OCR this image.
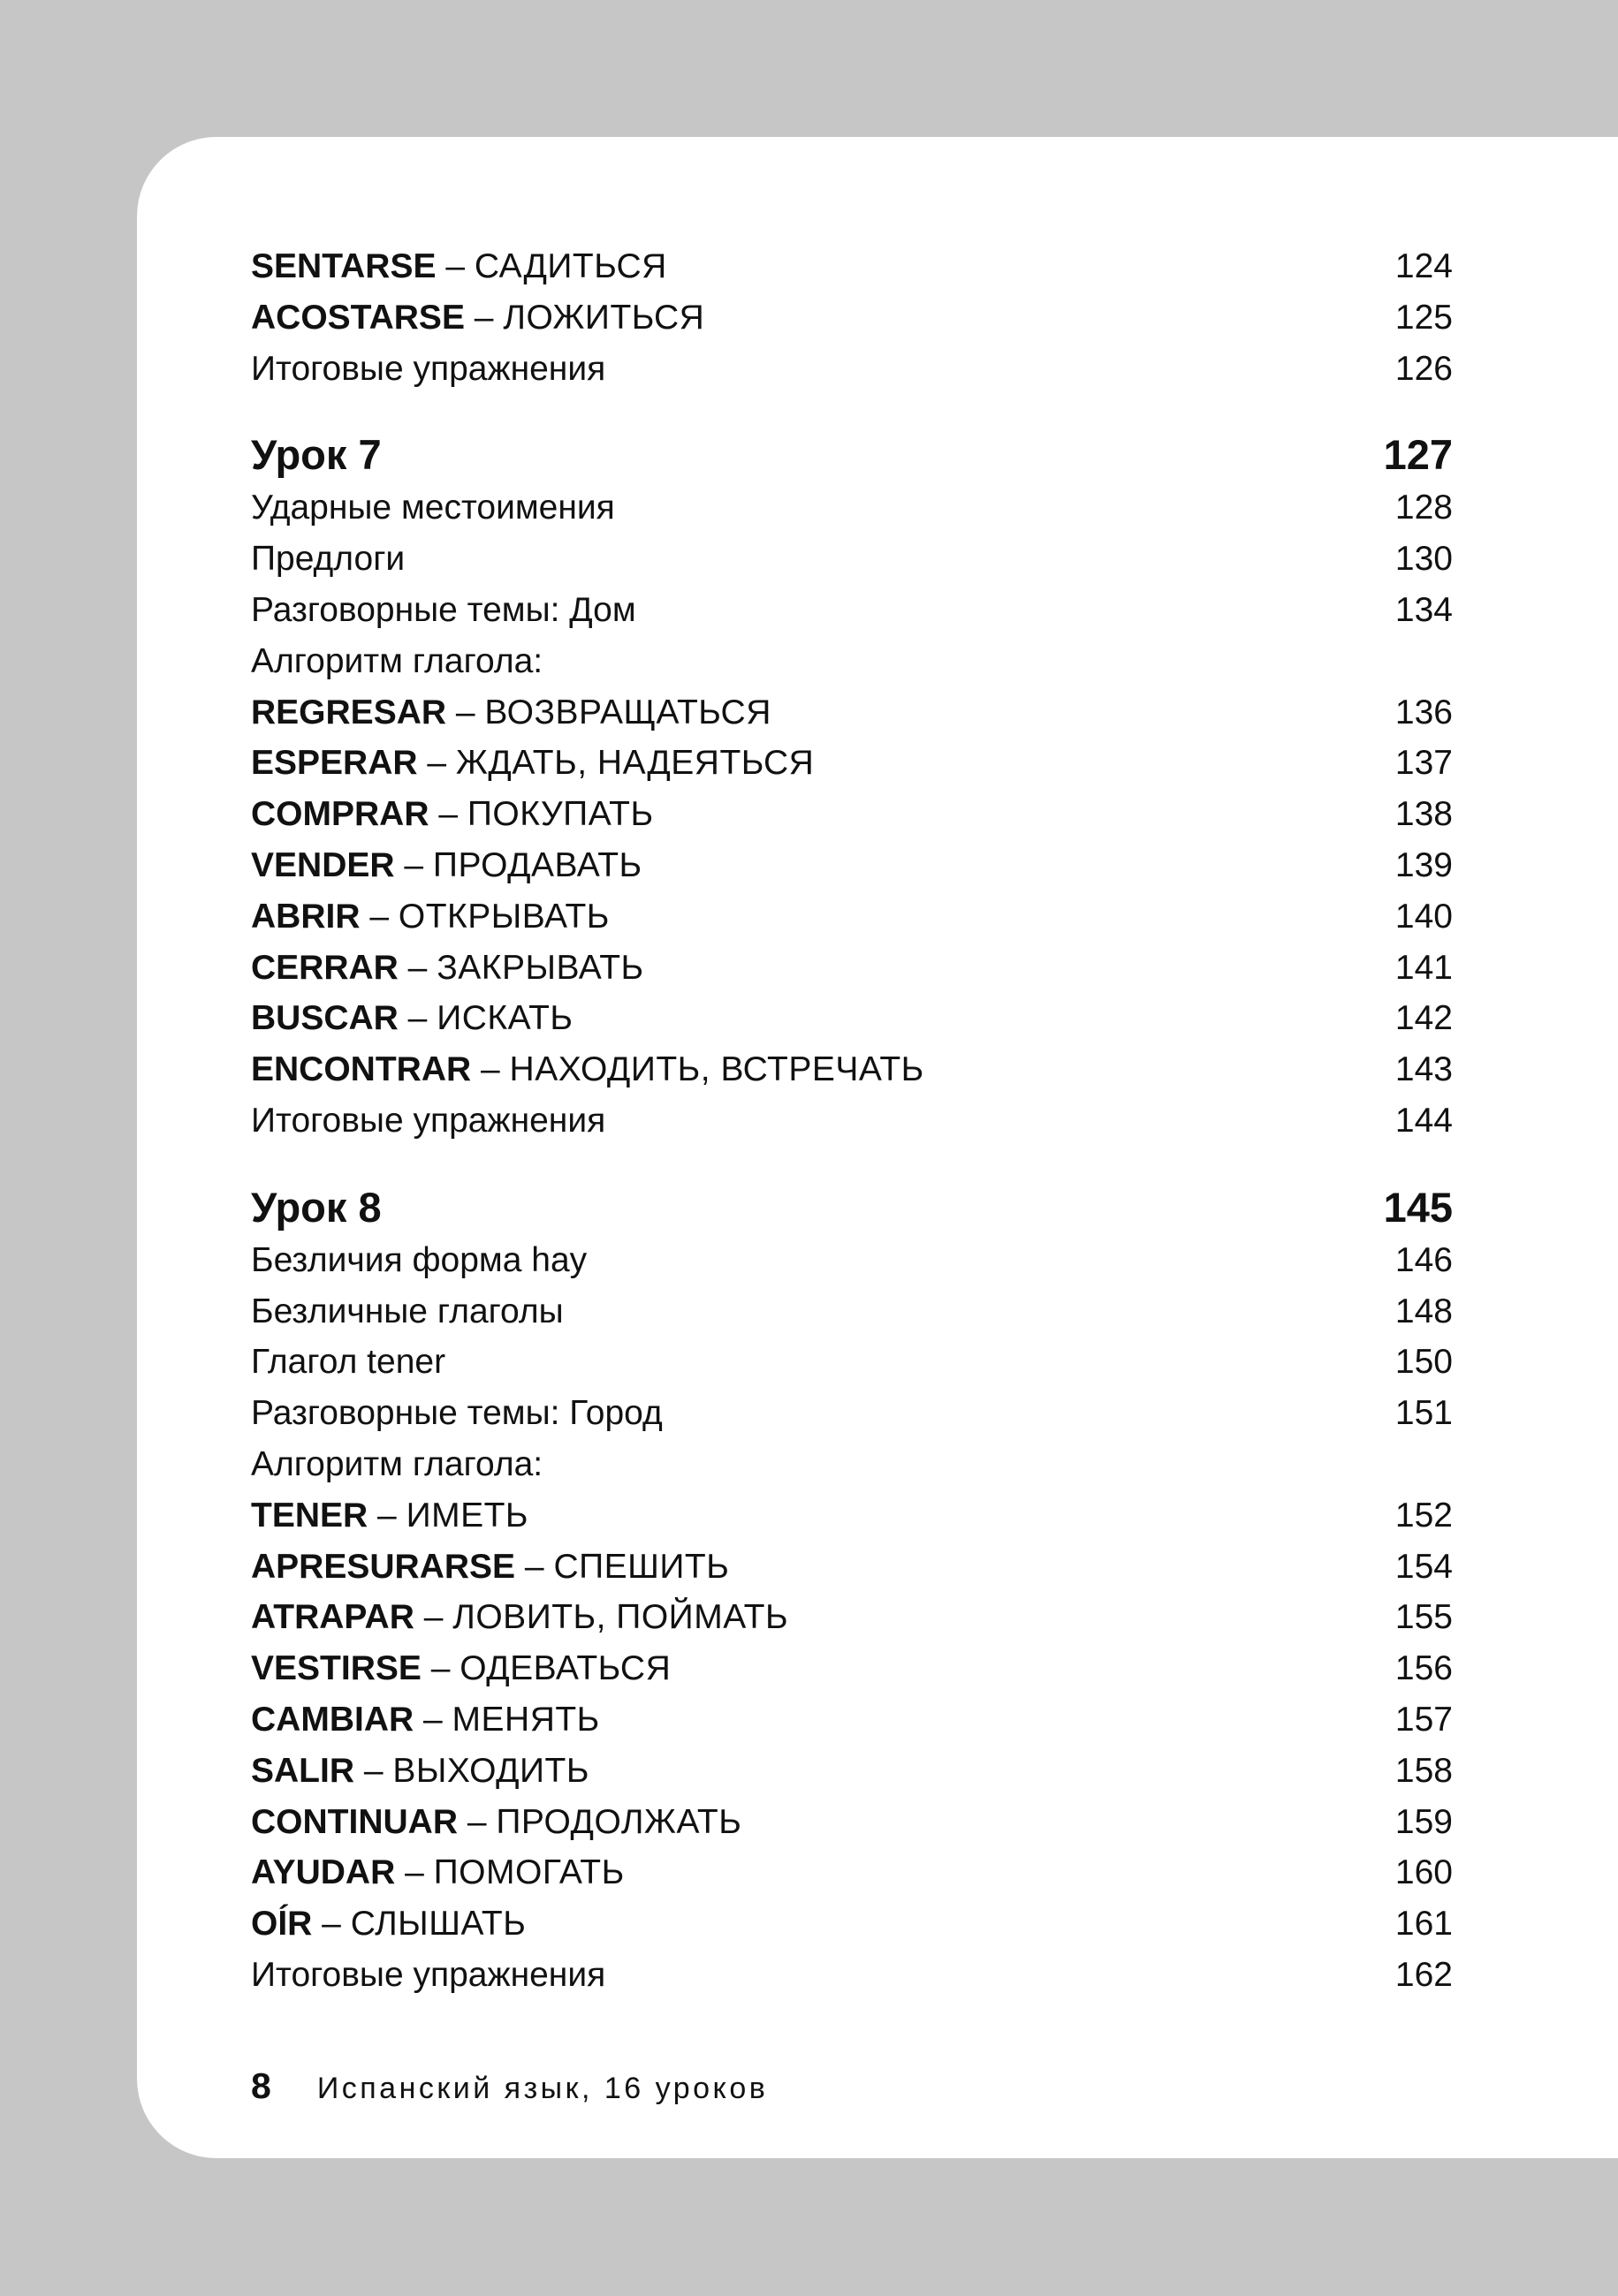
SENTARSE – САДИТЬСЯ	124
ACOSTARSE – ЛОЖИТЬСЯ	125
Итоговые упражнения	126
Урок 7	127
Ударные местоимения	128
Предлоги	130
Разговорные темы: Дом	134
Алгоритм глагола:
REGRESAR – ВОЗВРАЩАТЬСЯ	136
ESPERAR – ЖДАТЬ, НАДЕЯТЬСЯ	137
COMPRAR – ПОКУПАТЬ	138
VENDER – ПРОДАВАТЬ	139
ABRIR – ОТКРЫВАТЬ	140
CERRAR – ЗАКРЫВАТЬ	141
BUSCAR – ИСКАТЬ	142
ENCONTRAR – НАХОДИТЬ, ВСТРЕЧАТЬ	143
Итоговые упражнения	144
Урок 8	145
Безличия форма hay	146
Безличные глаголы	148
Глагол tener	150
Разговорные темы: Город	151
Алгоритм глагола:
TENER – ИМЕТЬ	152
APRESURARSE – СПЕШИТЬ	154
ATRAPAR – ЛОВИТЬ, ПОЙМАТЬ	155
VESTIRSE – ОДЕВАТЬСЯ	156
CAMBIAR – МЕНЯТЬ	157
SALIR – ВЫХОДИТЬ	158
CONTINUAR – ПРОДОЛЖАТЬ	159
AYUDAR – ПОМОГАТЬ	160
OÍR – СЛЫШАТЬ	161
Итоговые упражнения	162
8 Испанский язык, 16 уроков
